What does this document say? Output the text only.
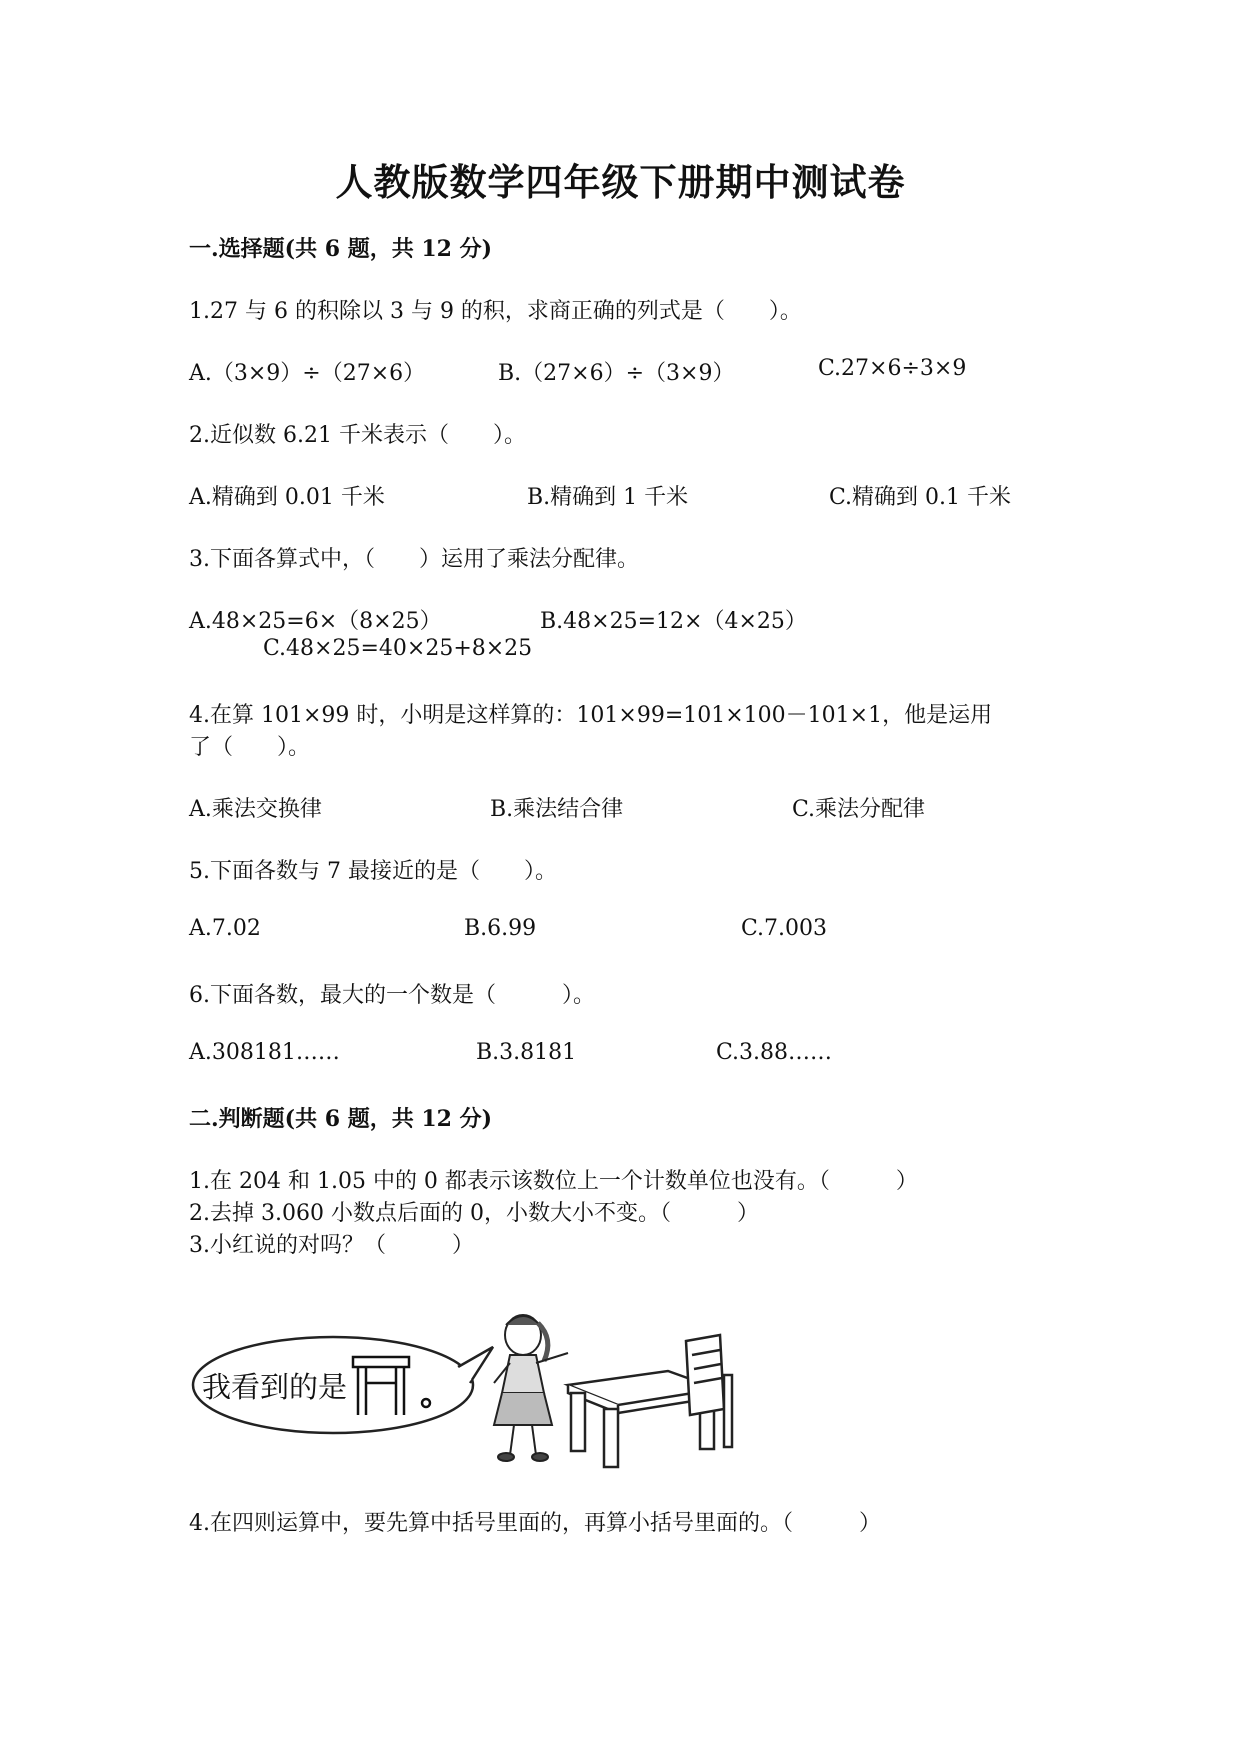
人教版数学四年级下册期中测试卷
一.选择题(共 6 题，共 12 分)
1.27 与 6 的积除以 3 与 9 的积，求商正确的列式是（　　）。
A.（3×9）÷（27×6）	B.（27×6）÷（3×9）	C.27×6÷3×9
2.近似数 6.21 千米表示（　　）。
A.精确到 0.01 千米	B.精确到 1 千米	C.精确到 0.1 千米
3.下面各算式中，（　　）运用了乘法分配律。
A.48×25=6×（8×25）	B.48×25=12×（4×25）
C.48×25=40×25+8×25
4.在算 101×99 时，小明是这样算的：101×99=101×100－101×1，他是运用
了（　　）。
A.乘法交换律	B.乘法结合律	C.乘法分配律
5.下面各数与 7 最接近的是（　　）。
A.7.02	B.6.99	C.7.003
6.下面各数，最大的一个数是（　　　）。
A.308181……	B.3.8181	C.3.88……
二.判断题(共 6 题，共 12 分)
1.在 204 和 1.05 中的 0 都表示该数位上一个计数单位也没有。（　　　）
2.去掉 3.060 小数点后面的 0，小数大小不变。（　　　）
3.小红说的对吗？（　　　）
我看到的是
4.在四则运算中，要先算中括号里面的，再算小括号里面的。（　　　）
